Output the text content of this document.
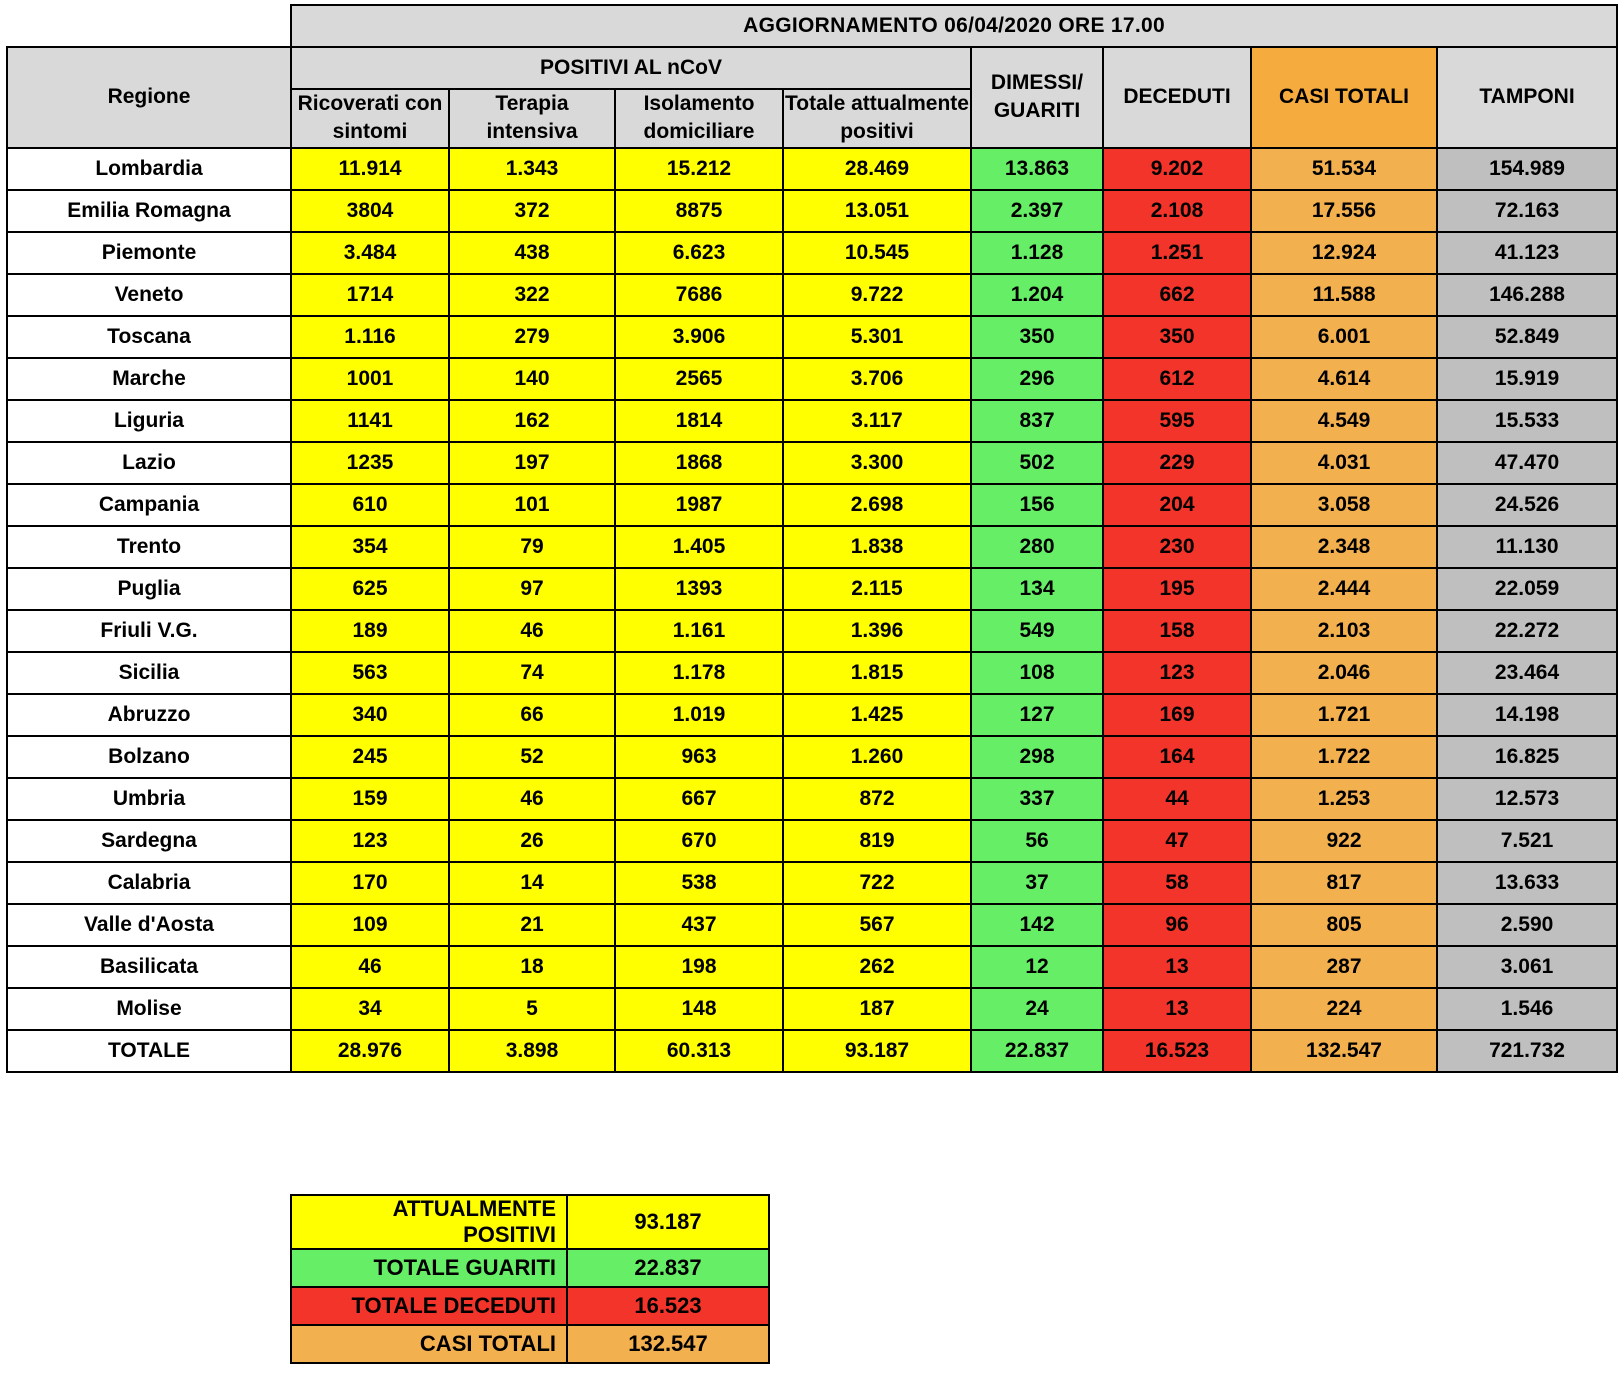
	AGGIORNAMENTO 06/04/2020 ORE 17.00							
Regione	POSITIVI AL nCoV				DIMESSI/ GUARITI	DECEDUTI	CASI TOTALI	TAMPONI
	Ricoverati con sintomi	Terapia intensiva	Isolamento domiciliare	Totale attualmente positivi				
Lombardia	11.914	1.343	15.212	28.469	13.863	9.202	51.534	154.989
Emilia Romagna	3804	372	8875	13.051	2.397	2.108	17.556	72.163
Piemonte	3.484	438	6.623	10.545	1.128	1.251	12.924	41.123
Veneto	1714	322	7686	9.722	1.204	662	11.588	146.288
Toscana	1.116	279	3.906	5.301	350	350	6.001	52.849
Marche	1001	140	2565	3.706	296	612	4.614	15.919
Liguria	1141	162	1814	3.117	837	595	4.549	15.533
Lazio	1235	197	1868	3.300	502	229	4.031	47.470
Campania	610	101	1987	2.698	156	204	3.058	24.526
Trento	354	79	1.405	1.838	280	230	2.348	11.130
Puglia	625	97	1393	2.115	134	195	2.444	22.059
Friuli V.G.	189	46	1.161	1.396	549	158	2.103	22.272
Sicilia	563	74	1.178	1.815	108	123	2.046	23.464
Abruzzo	340	66	1.019	1.425	127	169	1.721	14.198
Bolzano	245	52	963	1.260	298	164	1.722	16.825
Umbria	159	46	667	872	337	44	1.253	12.573
Sardegna	123	26	670	819	56	47	922	7.521
Calabria	170	14	538	722	37	58	817	13.633
Valle d'Aosta	109	21	437	567	142	96	805	2.590
Basilicata	46	18	198	262	12	13	287	3.061
Molise	34	5	148	187	24	13	224	1.546
TOTALE	28.976	3.898	60.313	93.187	22.837	16.523	132.547	721.732
ATTUALMENTE POSITIVI	93.187
TOTALE GUARITI	22.837
TOTALE DECEDUTI	16.523
CASI TOTALI	132.547
